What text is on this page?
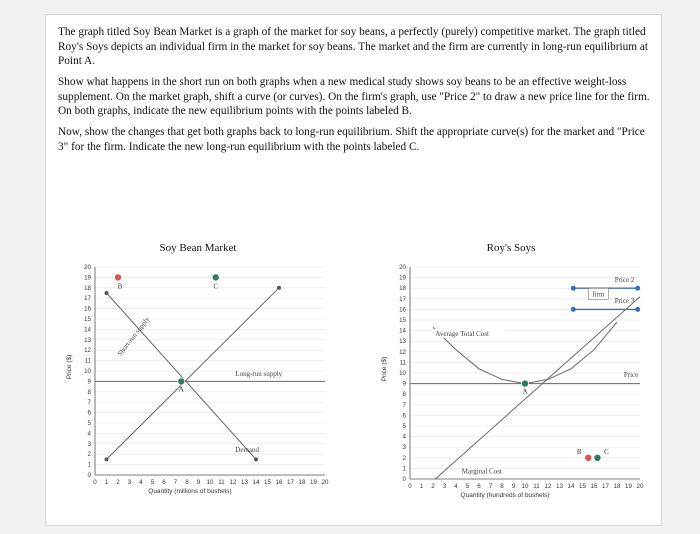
The graph titled Soy Bean Market is a graph of the market for soy beans, a perfectly (purely) competitive market. The graph titled Roy's Soys depicts an individual firm in the market for soy beans. The market and the firm are currently in long-run equilibrium at Point A.

Show what happens in the short run on both graphs when a new medical study shows soy beans to be an effective weight-loss supplement. On the market graph, shift a curve (or curves). On the firm's graph, use "Price 2" to draw a new price line for the firm. On both graphs, indicate the new equilibrium points with the points labeled B.

Now, show the changes that get both graphs back to long-run equilibrium. Shift the appropriate curve(s) for the market and "Price 3" for the firm. Indicate the new long-run equilibrium with the points labeled C.

Soy Bean Market
0
1
2
3
4
5
6
7
8
9
10
11
12
13
14
15
16
17
18
19
20
0 1 2 3 4 5 6 7 8 9 10 11 12 13 14 15 16 17 18 19 20
Quantity (millions of bushels)
Price ($)
Short-run supply
Demand
Long-run supply
A
B	C
Roy's Soys
0
1
2
3
4
5
6
7
8
9
10
11
12
13
14
15
16
17
18
19
20
0 1 2 3 4 5 6 7 8 9 10 11 12 13 14 15 16 17 18 19 20
Quantity (hundreds of bushels)
Price ($)
Average Total Cost
Marginal Cost
Price
Price 2
Price 3
A
B	C
firm
